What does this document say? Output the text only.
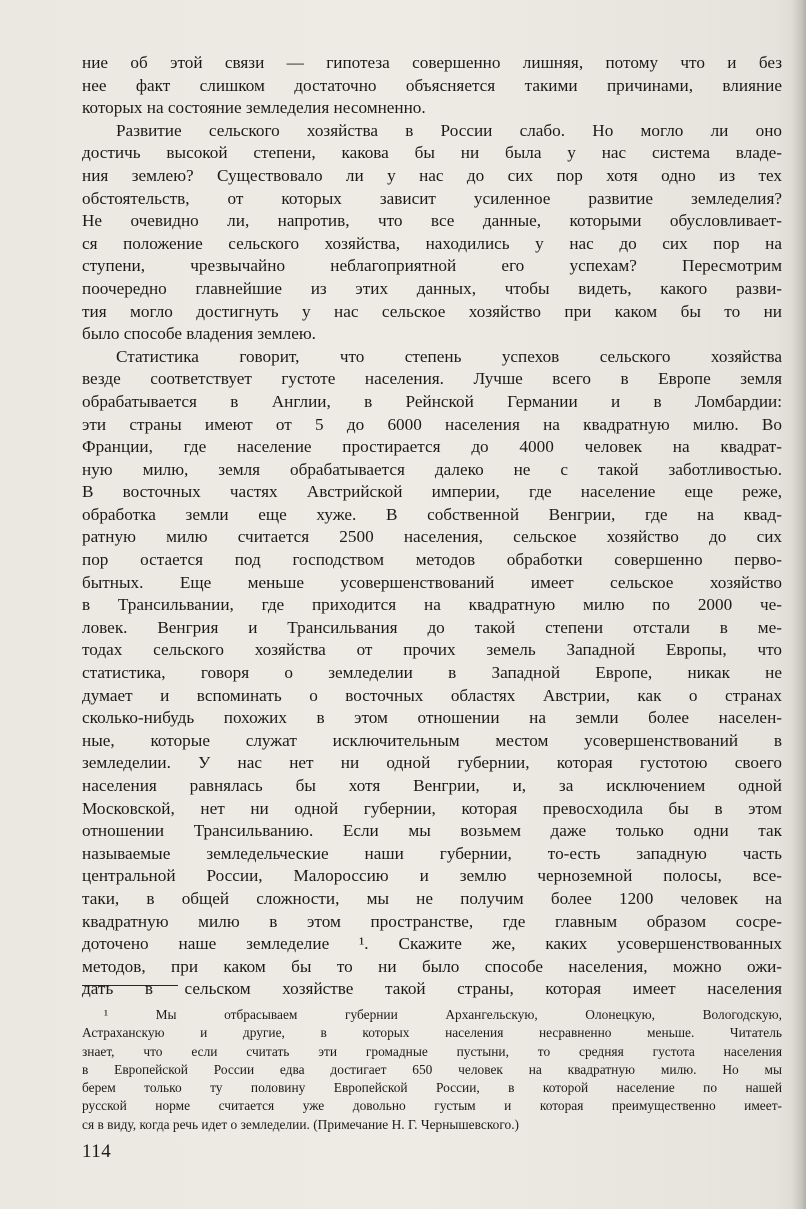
ние об этой связи — гипотеза совершенно лишняя, потому что и без
нее факт слишком достаточно объясняется такими причинами, влияние
которых на состояние земледелия несомненно.
Развитие сельского хозяйства в России слабо. Но могло ли оно
достичь высокой степени, какова бы ни была у нас система владе-
ния землею? Существовало ли у нас до сих пор хотя одно из тех
обстоятельств, от которых зависит усиленное развитие земледелия?
Не очевидно ли, напротив, что все данные, которыми обусловливает-
ся положение сельского хозяйства, находились у нас до сих пор на
ступени, чрезвычайно неблагоприятной его успехам? Пересмотрим
поочередно главнейшие из этих данных, чтобы видеть, какого разви-
тия могло достигнуть у нас сельское хозяйство при каком бы то ни
было способе владения землею.
Статистика говорит, что степень успехов сельского хозяйства
везде соответствует густоте населения. Лучше всего в Европе земля
обрабатывается в Англии, в Рейнской Германии и в Ломбардии:
эти страны имеют от 5 до 6000 населения на квадратную милю. Во
Франции, где население простирается до 4000 человек на квадрат-
ную милю, земля обрабатывается далеко не с такой заботливостью.
В восточных частях Австрийской империи, где население еще реже,
обработка земли еще хуже. В собственной Венгрии, где на квад-
ратную милю считается 2500 населения, сельское хозяйство до сих
пор остается под господством методов обработки совершенно перво-
бытных. Еще меньше усовершенствований имеет сельское хозяйство
в Трансильвании, где приходится на квадратную милю по 2000 че-
ловек. Венгрия и Трансильвания до такой степени отстали в ме-
тодах сельского хозяйства от прочих земель Западной Европы, что
статистика, говоря о земледелии в Западной Европе, никак не
думает и вспоминать о восточных областях Австрии, как о странах
сколько-нибудь похожих в этом отношении на земли более населен-
ные, которые служат исключительным местом усовершенствований в
земледелии. У нас нет ни одной губернии, которая густотою своего
населения равнялась бы хотя Венгрии, и, за исключением одной
Московской, нет ни одной губернии, которая превосходила бы в этом
отношении Трансильванию. Если мы возьмем даже только одни так
называемые земледельческие наши губернии, то-есть западную часть
центральной России, Малороссию и землю черноземной полосы, все-
таки, в общей сложности, мы не получим более 1200 человек на
квадратную милю в этом пространстве, где главным образом сосре-
доточено наше земледелие ¹. Скажите же, каких усовершенствованных
методов, при каком бы то ни было способе населения, можно ожи-
дать в сельском хозяйстве такой страны, которая имеет населения
¹ Мы отбрасываем губернии Архангельскую, Олонецкую, Вологодскую,
Астраханскую и другие, в которых населения несравненно меньше. Читатель
знает, что если считать эти громадные пустыни, то средняя густота населения
в Европейской России едва достигает 650 человек на квадратную милю. Но мы
берем только ту половину Европейской России, в которой население по нашей
русской норме считается уже довольно густым и которая преимущественно имеет-
ся в виду, когда речь идет о земледелии. (Примечание Н. Г. Чернышевского.)
114
